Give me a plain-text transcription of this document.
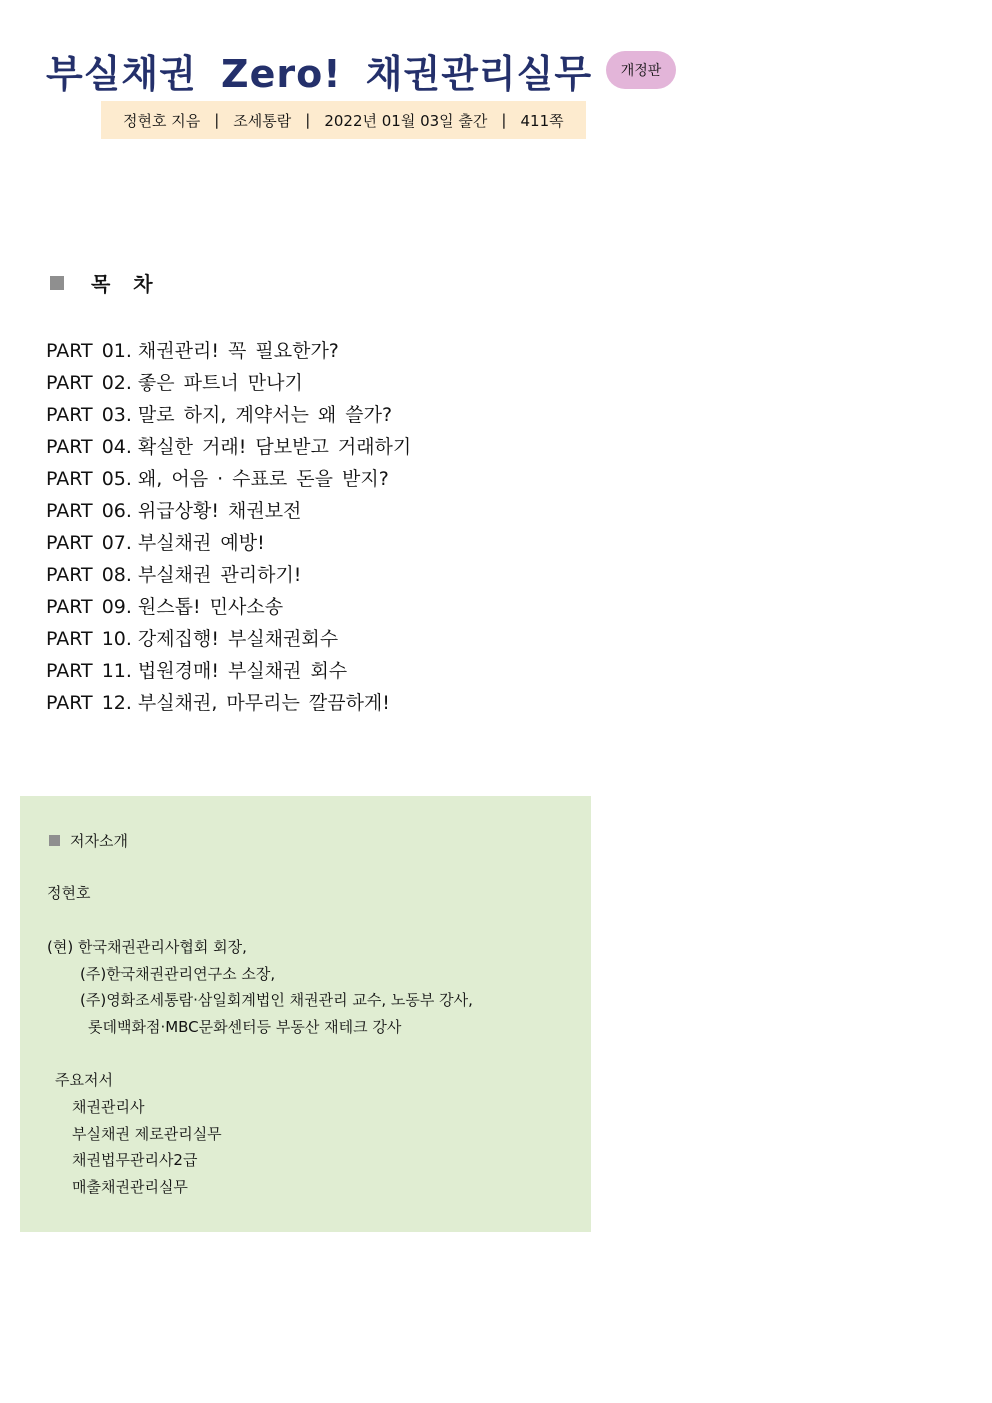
부실채권 Zero! 채권관리실무	개정판
정현호 지음 | 조세통람 | 2022년 01월 03일 출간 | 411쪽
목 차
PART 01. 채권관리! 꼭 필요한가?
PART 02. 좋은 파트너 만나기
PART 03. 말로 하지, 계약서는 왜 쓸가?
PART 04. 확실한 거래! 담보받고 거래하기
PART 05. 왜, 어음 · 수표로 돈을 받지?
PART 06. 위급상황! 채권보전
PART 07. 부실채권 예방!
PART 08. 부실채권 관리하기!
PART 09. 원스톱! 민사소송
PART 10. 강제집행! 부실채권회수
PART 11. 법원경매! 부실채권 회수
PART 12. 부실채권, 마무리는 깔끔하게!
저자소개
정현호
(현) 한국채권관리사협회 회장,
(주)한국채권관리연구소 소장,
(주)영화조세통람·삼일회계법인 채권관리 교수, 노동부 강사,
롯데백화점·MBC문화센터등 부동산 재테크 강사
주요저서
채권관리사
부실채권 제로관리실무
채권법무관리사2급
매출채권관리실무
